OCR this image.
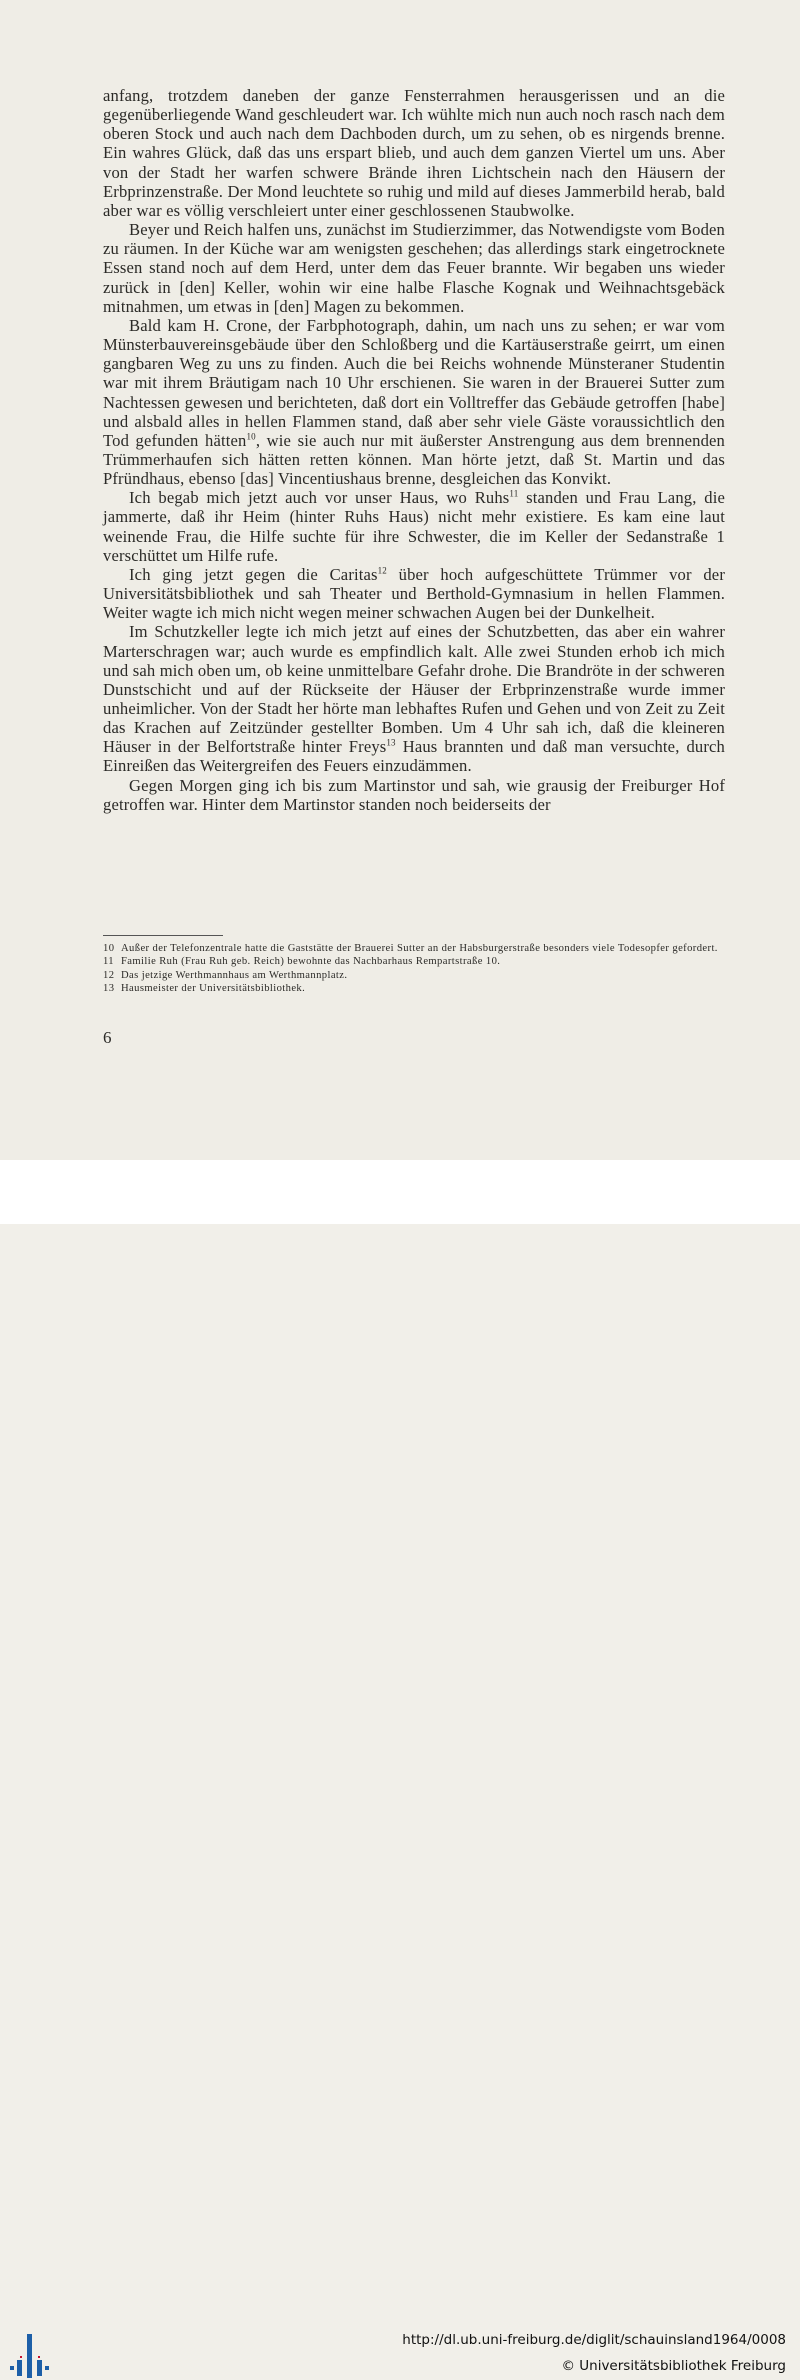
anfang, trotzdem daneben der ganze Fensterrahmen herausgerissen und an die gegenüberliegende Wand geschleudert war. Ich wühlte mich nun auch noch rasch nach dem oberen Stock und auch nach dem Dachboden durch, um zu sehen, ob es nirgends brenne. Ein wahres Glück, daß das uns erspart blieb, und auch dem ganzen Viertel um uns. Aber von der Stadt her warfen schwere Brände ihren Lichtschein nach den Häusern der Erbprinzenstraße. Der Mond leuchtete so ruhig und mild auf dieses Jammerbild herab, bald aber war es völlig verschleiert unter einer geschlossenen Staubwolke.

Beyer und Reich halfen uns, zunächst im Studierzimmer, das Notwendigste vom Boden zu räumen. In der Küche war am wenigsten geschehen; das allerdings stark eingetrocknete Essen stand noch auf dem Herd, unter dem das Feuer brannte. Wir begaben uns wieder zurück in [den] Keller, wohin wir eine halbe Flasche Kognak und Weihnachtsgebäck mitnahmen, um etwas in [den] Magen zu bekommen.

Bald kam H. Crone, der Farbphotograph, dahin, um nach uns zu sehen; er war vom Münsterbauvereinsgebäude über den Schloßberg und die Kartäuserstraße geirrt, um einen gangbaren Weg zu uns zu finden. Auch die bei Reichs wohnende Münsteraner Studentin war mit ihrem Bräutigam nach 10 Uhr erschienen. Sie waren in der Brauerei Sutter zum Nachtessen gewesen und berichteten, daß dort ein Volltreffer das Gebäude getroffen [habe] und alsbald alles in hellen Flammen stand, daß aber sehr viele Gäste voraussichtlich den Tod gefunden hätten$^{10}$, wie sie auch nur mit äußerster Anstrengung aus dem brennenden Trümmerhaufen sich hätten retten können. Man hörte jetzt, daß St. Martin und das Pfründhaus, ebenso [das] Vincentiushaus brenne, desgleichen das Konvikt.

Ich begab mich jetzt auch vor unser Haus, wo Ruhs$^{11}$ standen und Frau Lang, die jammerte, daß ihr Heim (hinter Ruhs Haus) nicht mehr existiere. Es kam eine laut weinende Frau, die Hilfe suchte für ihre Schwester, die im Keller der Sedanstraße 1 verschüttet um Hilfe rufe.

Ich ging jetzt gegen die Caritas$^{12}$ über hoch aufgeschüttete Trümmer vor der Universitätsbibliothek und sah Theater und Berthold-Gymnasium in hellen Flammen. Weiter wagte ich mich nicht wegen meiner schwachen Augen bei der Dunkelheit.

Im Schutzkeller legte ich mich jetzt auf eines der Schutzbetten, das aber ein wahrer Marterschragen war; auch wurde es empfindlich kalt. Alle zwei Stunden erhob ich mich und sah mich oben um, ob keine unmittelbare Gefahr drohe. Die Brandröte in der schweren Dunstschicht und auf der Rückseite der Häuser der Erbprinzenstraße wurde immer unheimlicher. Von der Stadt her hörte man lebhaftes Rufen und Gehen und von Zeit zu Zeit das Krachen auf Zeitzünder gestellter Bomben. Um 4 Uhr sah ich, daß die kleineren Häuser in der Belfortstraße hinter Freys$^{13}$ Haus brannten und daß man versuchte, durch Einreißen das Weitergreifen des Feuers einzudämmen.

Gegen Morgen ging ich bis zum Martinstor und sah, wie grausig der Freiburger Hof getroffen war. Hinter dem Martinstor standen noch beiderseits der

10 Außer der Telefonzentrale hatte die Gaststätte der Brauerei Sutter an der Habsburgerstraße besonders viele Todesopfer gefordert.
11 Familie Ruh (Frau Ruh geb. Reich) bewohnte das Nachbarhaus Rempartstraße 10.
12 Das jetzige Werthmannhaus am Werthmannplatz.
13 Hausmeister der Universitätsbibliothek.
6
http://dl.ub.uni-freiburg.de/diglit/schauinsland1964/0008
© Universitätsbibliothek Freiburg
